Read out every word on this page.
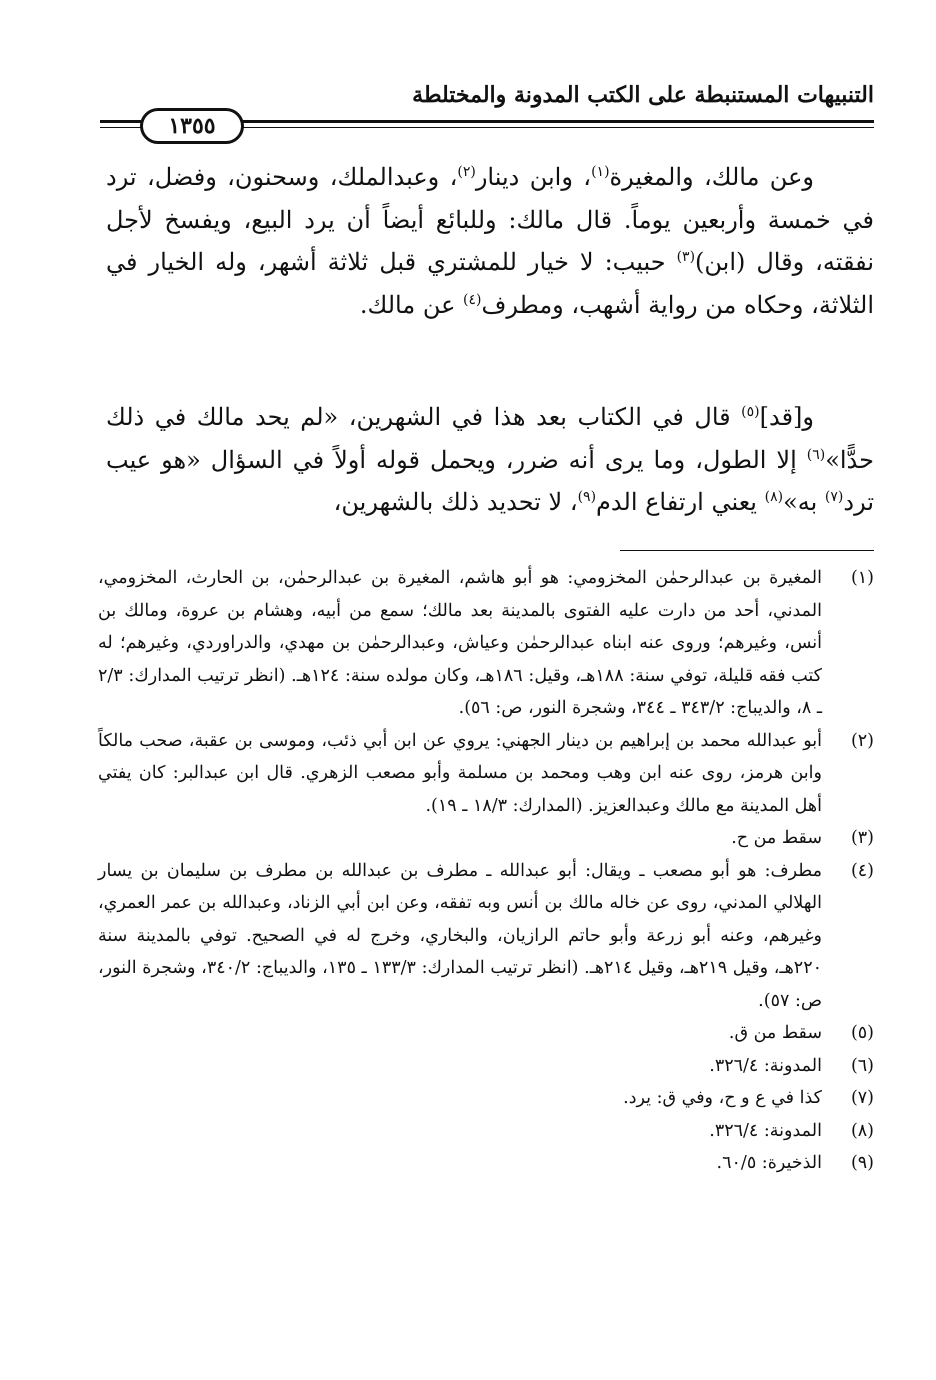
التنبيهات المستنبطة على الكتب المدونة والمختلطة
١٣٥٥
وعن مالك، والمغيرة$^{(١)}$، وابن دينار$^{(٢)}$، وعبدالملك، وسحنون، وفضل، ترد في خمسة وأربعين يوماً. قال مالك: وللبائع أيضاً أن يرد البيع، ويفسخ لأجل نفقته، وقال (ابن)$^{(٣)}$ حبيب: لا خيار للمشتري قبل ثلاثة أشهر، وله الخيار في الثلاثة، وحكاه من رواية أشهب، ومطرف$^{(٤)}$ عن مالك.
و[قد]$^{(٥)}$ قال في الكتاب بعد هذا في الشهرين، «لم يحد مالك في ذلك حدًّا»$^{(٦)}$ إلا الطول، وما يرى أنه ضرر، ويحمل قوله أولاً في السؤال «هو عيب ترد$^{(٧)}$ به»$^{(٨)}$ يعني ارتفاع الدم$^{(٩)}$، لا تحديد ذلك بالشهرين،
(١)
المغيرة بن عبدالرحمٰن المخزومي: هو أبو هاشم، المغيرة بن عبدالرحمٰن، بن الحارث، المخزومي، المدني، أحد من دارت عليه الفتوى بالمدينة بعد مالك؛ سمع من أبيه، وهشام بن عروة، ومالك بن أنس، وغيرهم؛ وروى عنه ابناه عبدالرحمٰن وعياش، وعبدالرحمٰن بن مهدي، والدراوردي، وغيرهم؛ له كتب فقه قليلة، توفي سنة: ١٨٨هـ، وقيل: ١٨٦هـ، وكان مولده سنة: ١٢٤هـ. (انظر ترتيب المدارك: ٢/٣ ـ ٨، والديباج: ٣٤٣/٢ ـ ٣٤٤، وشجرة النور، ص: ٥٦).
(٢)
أبو عبدالله محمد بن إبراهيم بن دينار الجهني: يروي عن ابن أبي ذئب، وموسى بن عقبة، صحب مالكاً وابن هرمز، روى عنه ابن وهب ومحمد بن مسلمة وأبو مصعب الزهري. قال ابن عبدالبر: كان يفتي أهل المدينة مع مالك وعبدالعزيز. (المدارك: ١٨/٣ ـ ١٩).
(٣)
سقط من ح.
(٤)
مطرف: هو أبو مصعب ـ ويقال: أبو عبدالله ـ مطرف بن عبدالله بن مطرف بن سليمان بن يسار الهلالي المدني، روى عن خاله مالك بن أنس وبه تفقه، وعن ابن أبي الزناد، وعبدالله بن عمر العمري، وغيرهم، وعنه أبو زرعة وأبو حاتم الرازيان، والبخاري، وخرج له في الصحيح. توفي بالمدينة سنة ٢٢٠هـ، وقيل ٢١٩هـ، وقيل ٢١٤هـ. (انظر ترتيب المدارك: ١٣٣/٣ ـ ١٣٥، والديباج: ٣٤٠/٢، وشجرة النور، ص: ٥٧).
(٥)
سقط من ق.
(٦)
المدونة: ٣٢٦/٤.
(٧)
كذا في ع و ح، وفي ق: يرد.
(٨)
المدونة: ٣٢٦/٤.
(٩)
الذخيرة: ٦٠/٥.
